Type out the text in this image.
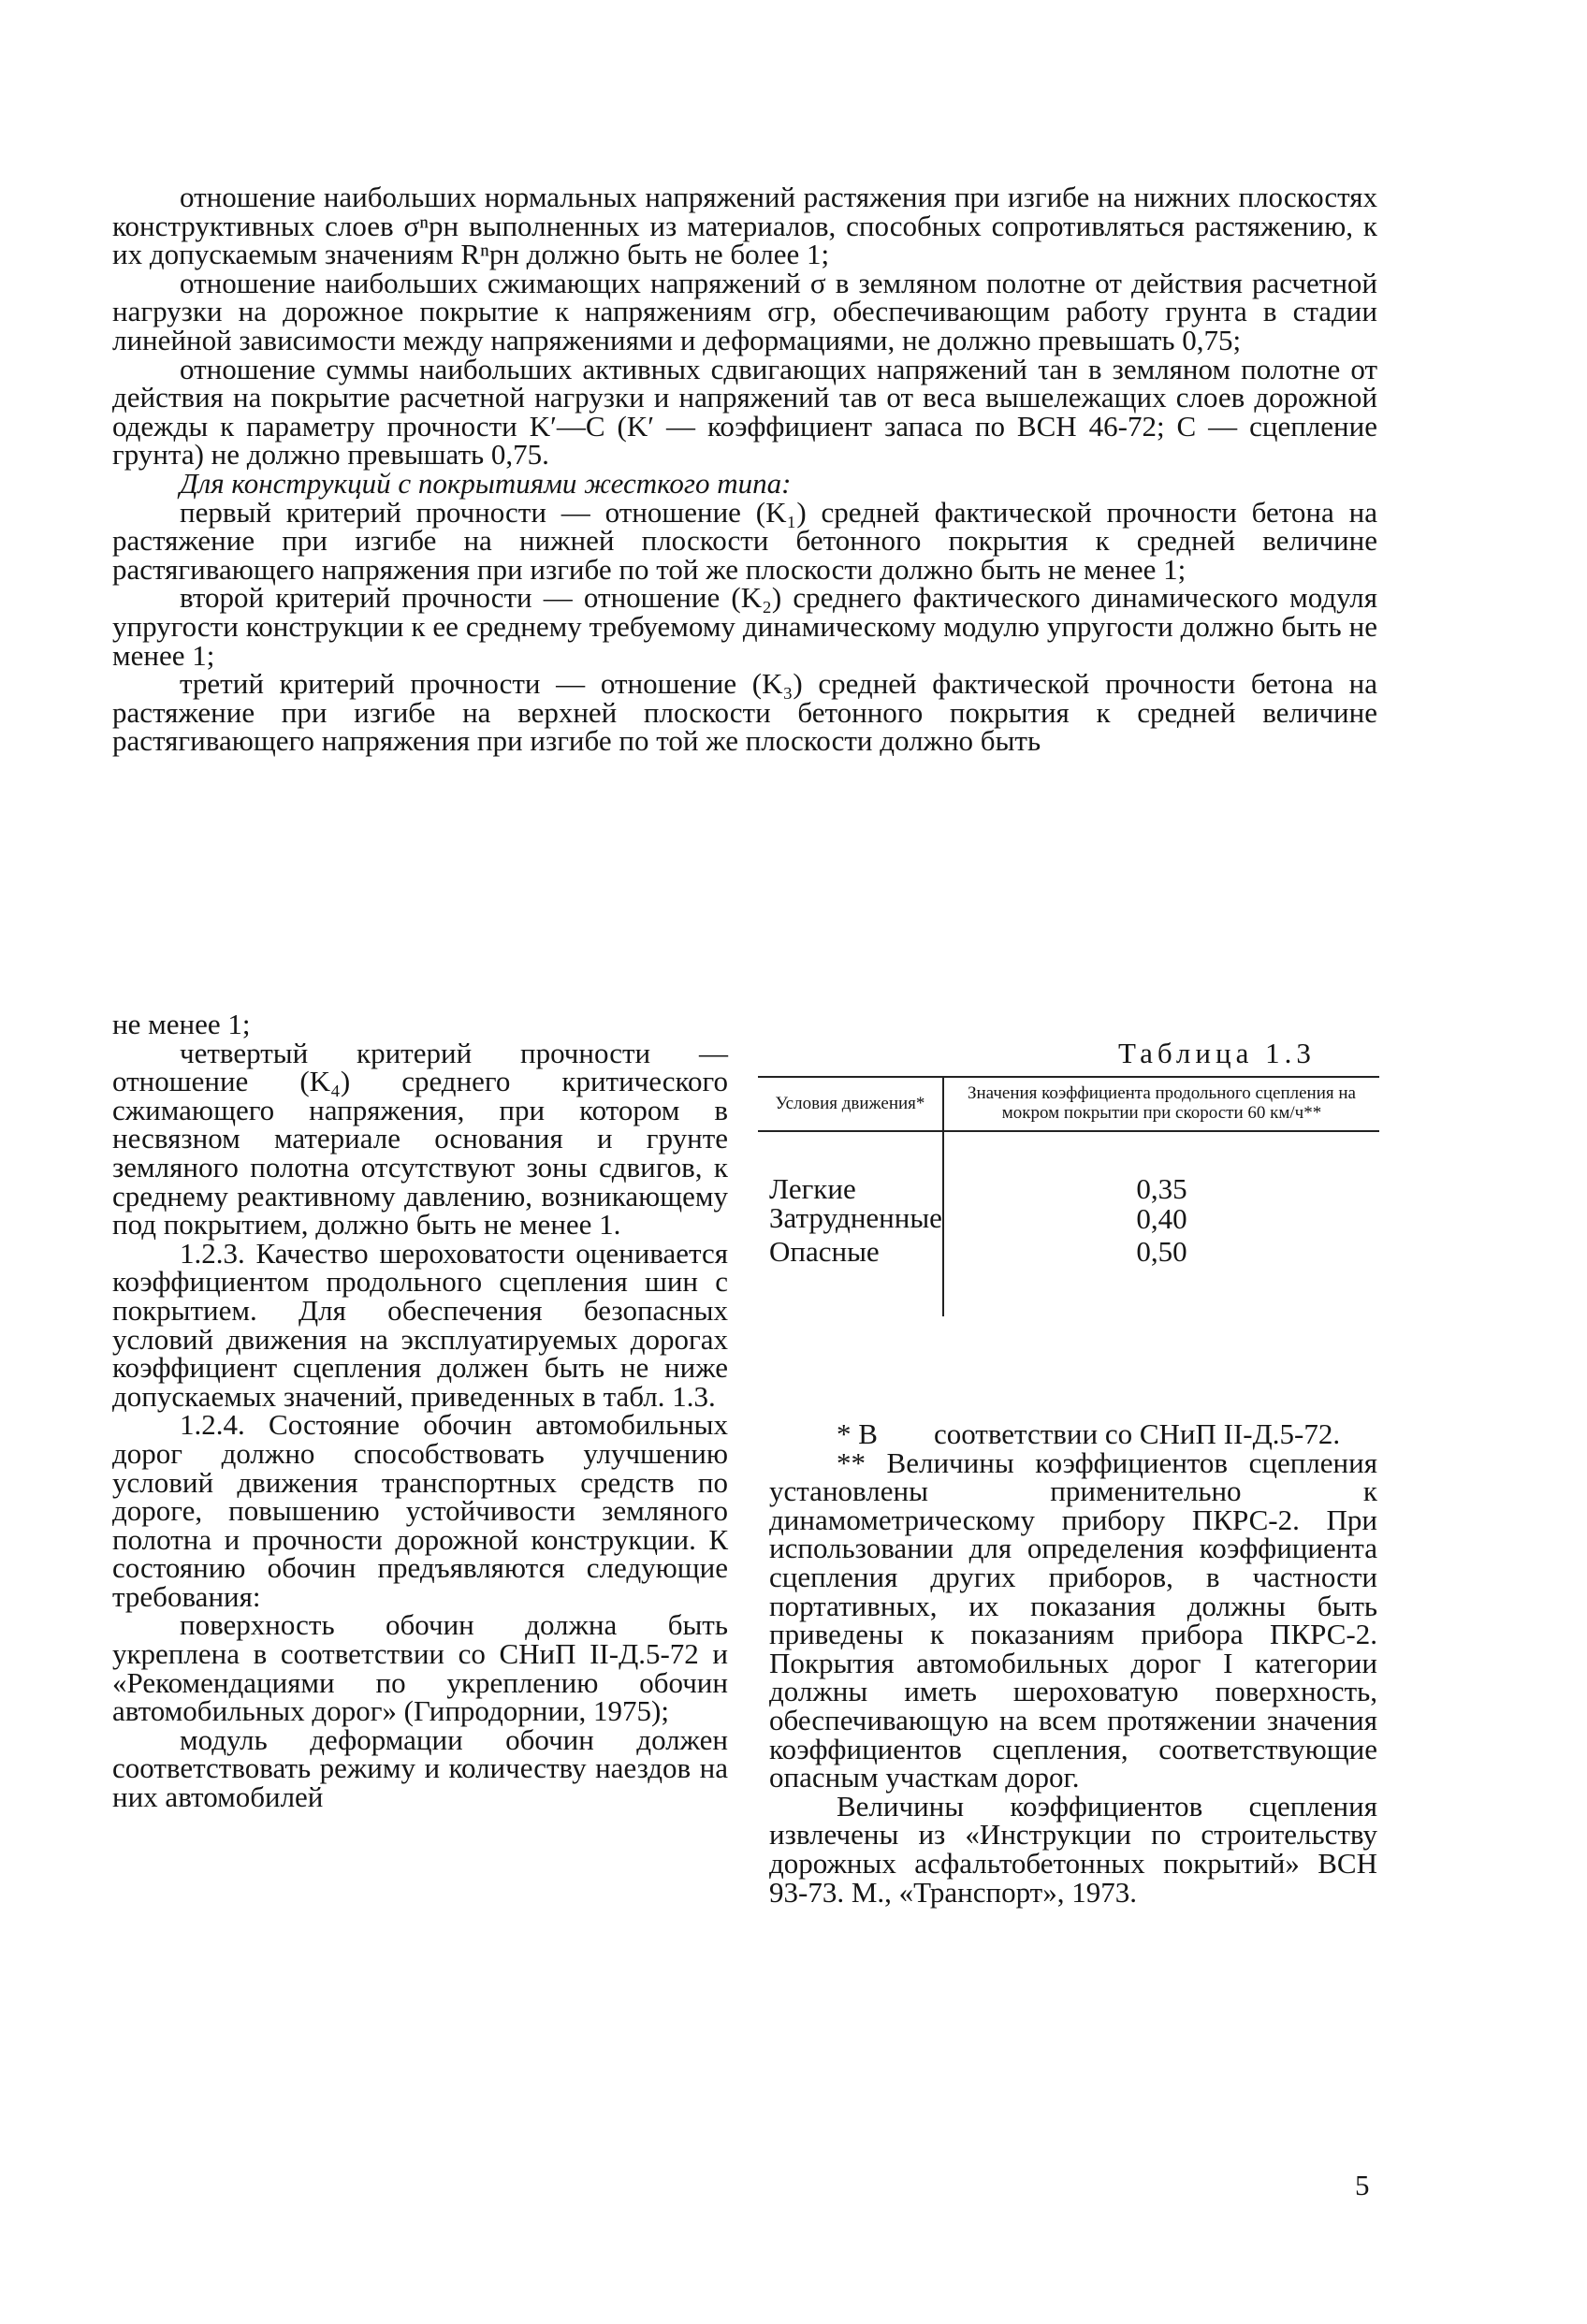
отношение наибольших нормальных напряжений растяжения при изгибе на нижних плоскостях конструктивных слоев σⁿрн выполненных из материалов, способных сопротивляться растяжению, к их допускаемым значениям Rⁿрн должно быть не более 1;

отношение наибольших сжимающих напряжений σ в земляном полотне от действия расчетной нагрузки на дорожное покрытие к напряжениям σгр, обеспечивающим работу грунта в стадии линейной зависимости между напряжениями и деформациями, не должно превышать 0,75;

отношение суммы наибольших активных сдвигающих напряжений τан в земляном полотне от действия на покрытие расчетной нагрузки и напряжений τав от веса вышележащих слоев дорожной одежды к параметру прочности K′—C (K′ — коэффициент запаса по ВСН 46-72; C — сцепление грунта) не должно превышать 0,75.

Для конструкций с покрытиями жесткого типа:

первый критерий прочности — отношение (K₁) средней фактической прочности бетона на растяжение при изгибе на нижней плоскости бетонного покрытия к средней величине растягивающего напряжения при изгибе по той же плоскости должно быть не менее 1;

второй критерий прочности — отношение (K₂) среднего фактического динамического модуля упругости конструкции к ее среднему требуемому динамическому модулю упругости должно быть не менее 1;

третий критерий прочности — отношение (K₃) средней фактической прочности бетона на растяжение при изгибе на верхней плоскости бетонного покрытия к средней величине растягивающего напряжения при изгибе по той же плоскости должно быть

не менее 1;

четвертый критерий прочности — отношение (K₄) среднего критического сжимающего напряжения, при котором в несвязном материале основания и грунте земляного полотна отсутствуют зоны сдвигов, к среднему реактивному давлению, возникающему под покрытием, должно быть не менее 1.

1.2.3. Качество шероховатости оценивается коэффициентом продольного сцепления шин с покрытием. Для обеспечения безопасных условий движения на эксплуатируемых дорогах коэффициент сцепления должен быть не ниже допускаемых значений, приведенных в табл. 1.3.

1.2.4. Состояние обочин автомобильных дорог должно способствовать улучшению условий движения транспортных средств по дороге, повышению устойчивости земляного полотна и прочности дорожной конструкции. К состоянию обочин предъявляются следующие требования:

поверхность обочин должна быть укреплена в соответствии со СНиП II-Д.5-72 и «Рекомендациями по укреплению обочин автомобильных дорог» (Гипродорнии, 1975);

модуль деформации обочин должен соответствовать режиму и количеству наездов на них автомобилей

Таблица 1.3
Условия движения*	Значения коэффициента продольного сцепления на мокром покрытии при скорости 60 км/ч**
Легкие	0,35
Затрудненные	0,40
Опасные	0,50

* В соответствии со СНиП II-Д.5-72.

** Величины коэффициентов сцепления установлены применительно к динамометрическому прибору ПКРС-2. При использовании для определения коэффициента сцепления других приборов, в частности портативных, их показания должны быть приведены к показаниям прибора ПКРС-2. Покрытия автомобильных дорог I категории должны иметь шероховатую поверхность, обеспечивающую на всем протяжении значения коэффициентов сцепления, соответствующие опасным участкам дорог.

Величины коэффициентов сцепления извлечены из «Инструкции по строительству дорожных асфальтобетонных покрытий» ВСН 93-73. М., «Транспорт», 1973.

5
